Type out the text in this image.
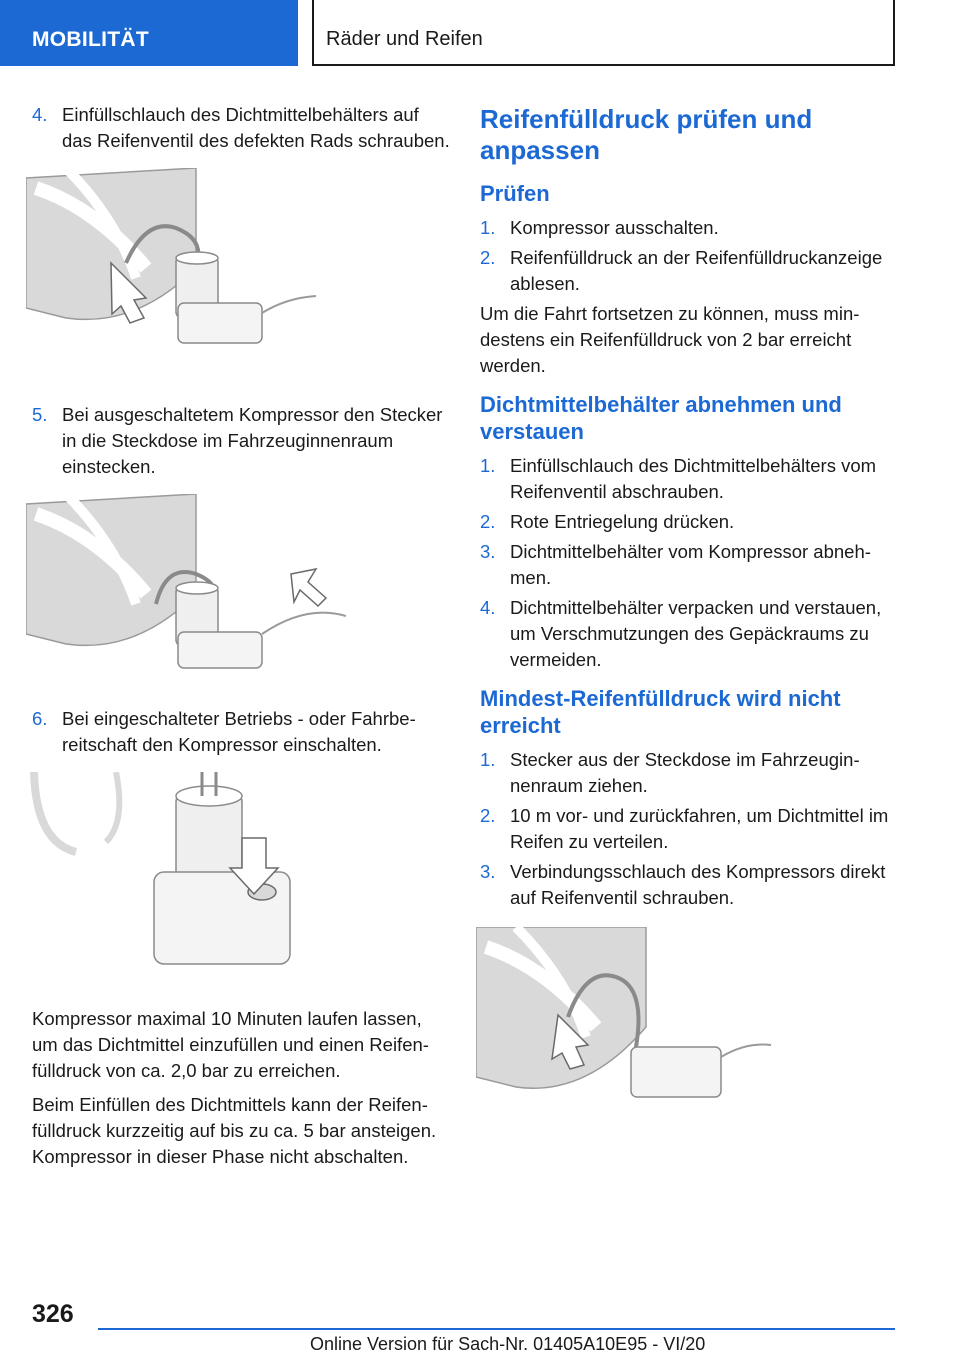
MOBILITÄT	Räder und Reifen
4. Einfüllschlauch des Dichtmittelbehälters auf das Reifenventil des defekten Rads schrauben.
5. Bei ausgeschaltetem Kompressor den Stecker in die Steckdose im Fahrzeuginnenraum einstecken.
6. Bei eingeschalteter Betriebs - oder Fahrbereitschaft den Kompressor einschalten.

Kompressor maximal 10 Minuten laufen lassen, um das Dichtmittel einzufüllen und einen Reifenfülldruck von ca. 2,0 bar zu erreichen.

Beim Einfüllen des Dichtmittels kann der Reifenfülldruck kurzzeitig auf bis zu ca. 5 bar ansteigen. Kompressor in dieser Phase nicht abschalten.

Reifenfülldruck prüfen und anpassen
Prüfen
1. Kompressor ausschalten.
2. Reifenfülldruck an der Reifenfülldruckanzeige ablesen.

Um die Fahrt fortsetzen zu können, muss mindestens ein Reifenfülldruck von 2 bar erreicht werden.

Dichtmittelbehälter abnehmen und verstauen
1. Einfüllschlauch des Dichtmittelbehälters vom Reifenventil abschrauben.
2. Rote Entriegelung drücken.
3. Dichtmittelbehälter vom Kompressor abnehmen.
4. Dichtmittelbehälter verpacken und verstauen, um Verschmutzungen des Gepäckraums zu vermeiden.
Mindest-Reifenfülldruck wird nicht erreicht
1. Stecker aus der Steckdose im Fahrzeuginnenraum ziehen.
2. 10 m vor- und zurückfahren, um Dichtmittel im Reifen zu verteilen.
3. Verbindungsschlauch des Kompressors direkt auf Reifenventil schrauben.
326
Online Version für Sach-Nr. 01405A10E95 - VI/20
